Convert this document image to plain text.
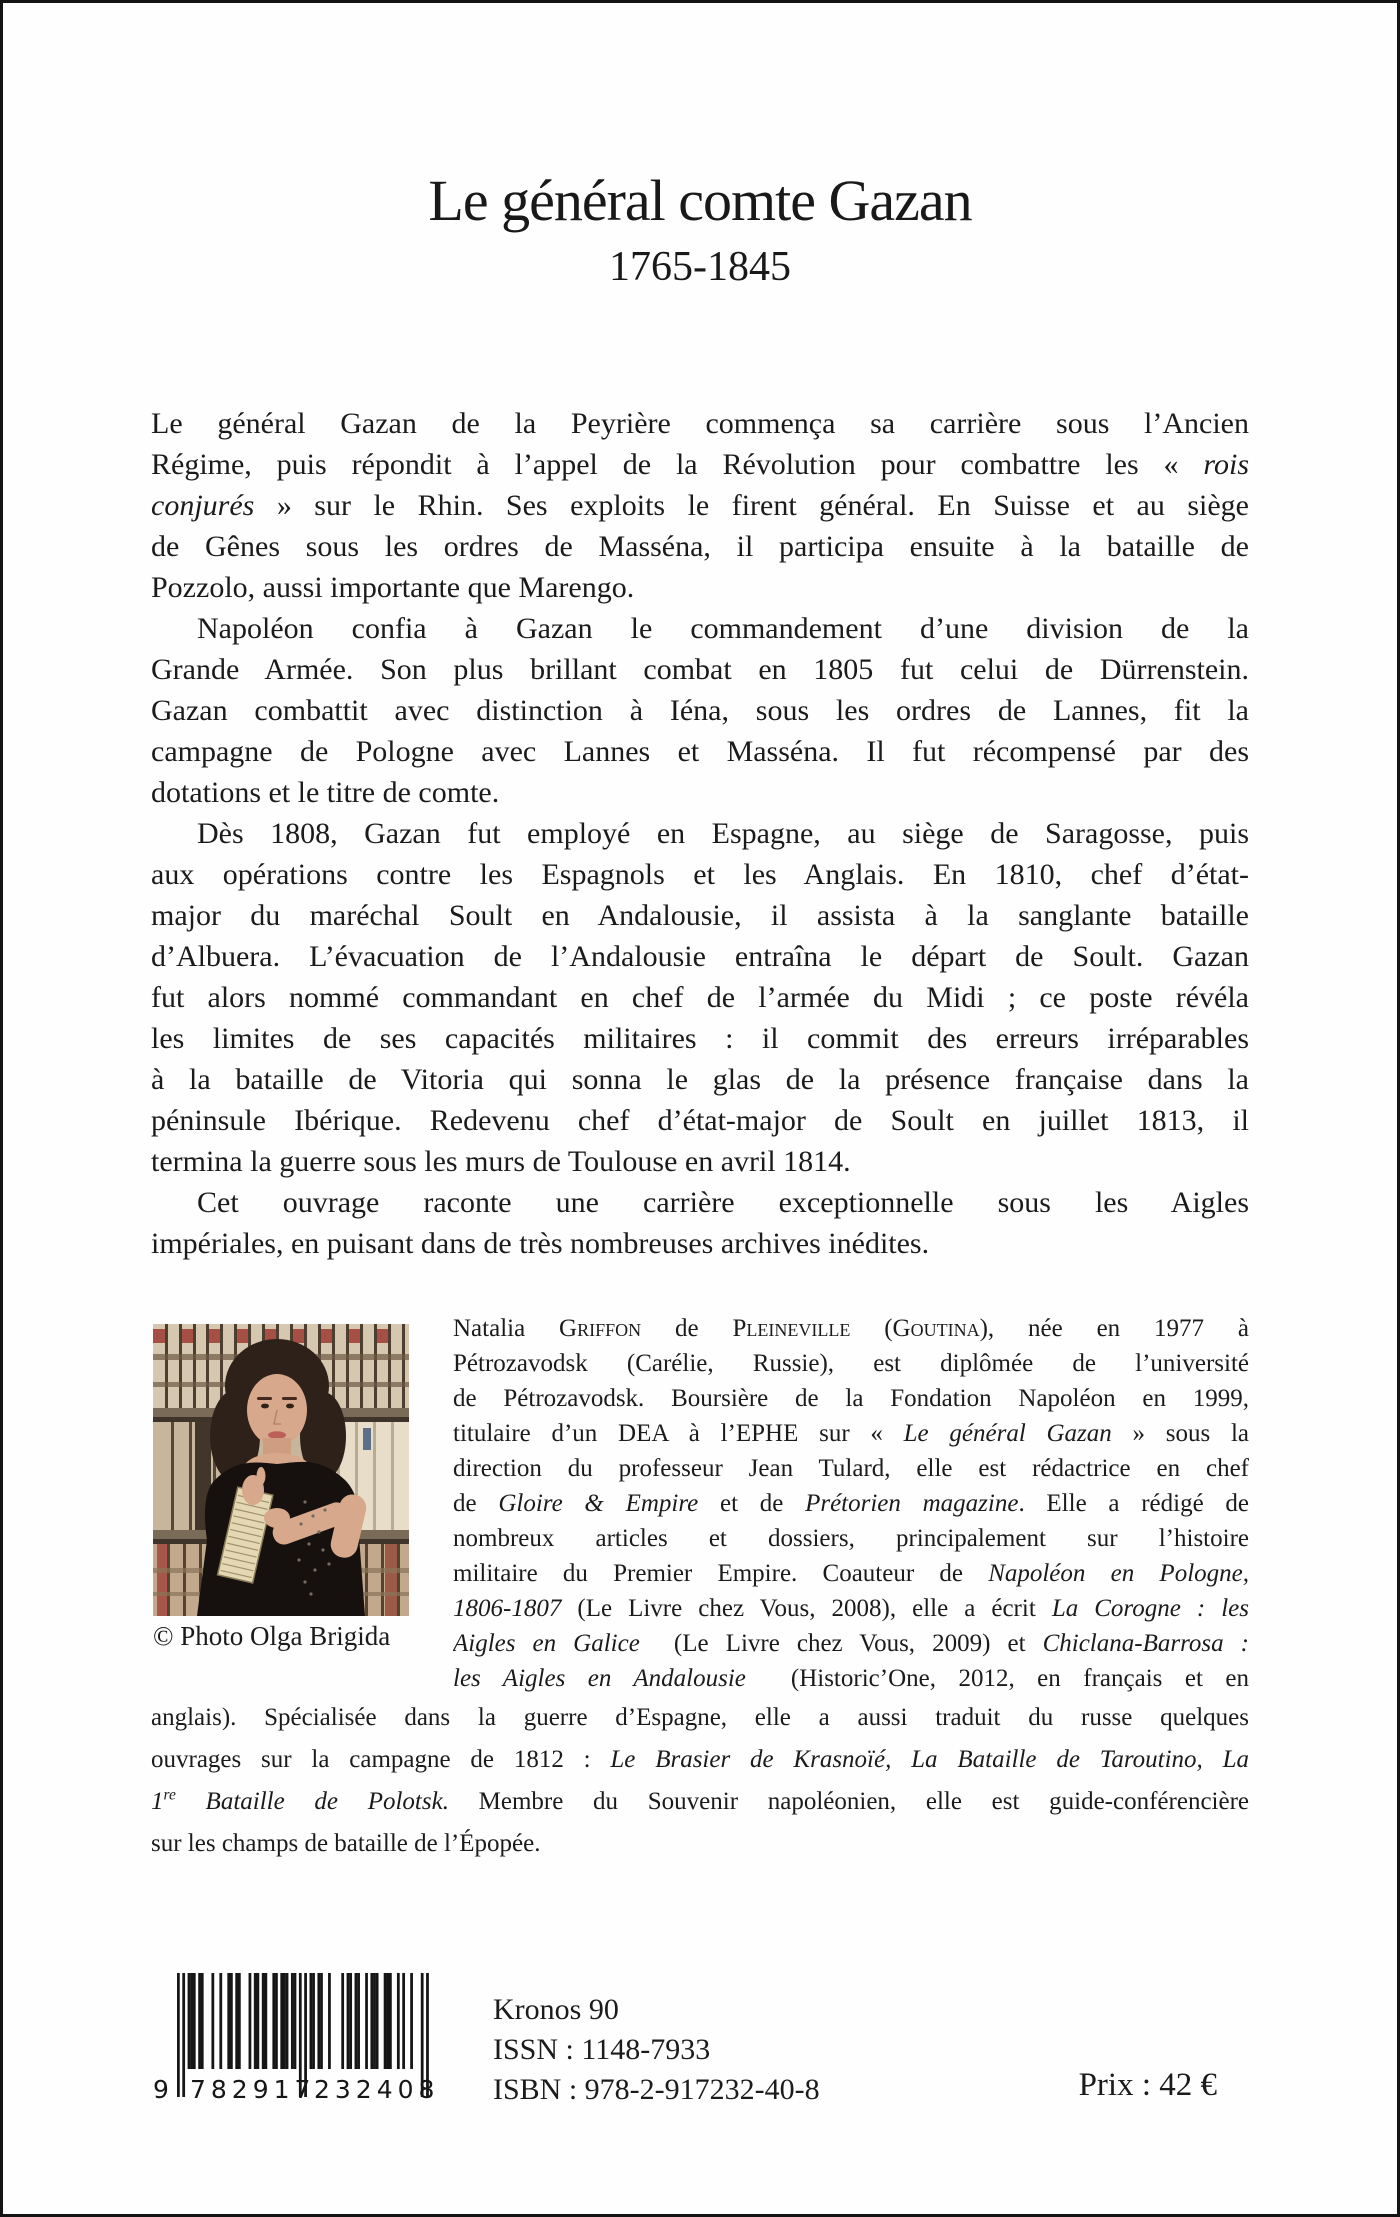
Le général comte Gazan
1765-1845
Le général Gazan de la Peyrière commença sa carrière sous l’Ancien
Régime, puis répondit à l’appel de la Révolution pour combattre les « rois
conjurés » sur le Rhin. Ses exploits le firent général. En Suisse et au siège
de Gênes sous les ordres de Masséna, il participa ensuite à la bataille de
Pozzolo, aussi importante que Marengo.
Napoléon confia à Gazan le commandement d’une division de la
Grande Armée. Son plus brillant combat en 1805 fut celui de Dürrenstein.
Gazan combattit avec distinction à Iéna, sous les ordres de Lannes, fit la
campagne de Pologne avec Lannes et Masséna. Il fut récompensé par des
dotations et le titre de comte.
Dès 1808, Gazan fut employé en Espagne, au siège de Saragosse, puis
aux opérations contre les Espagnols et les Anglais. En 1810, chef d’état-
major du maréchal Soult en Andalousie, il assista à la sanglante bataille
d’Albuera. L’évacuation de l’Andalousie entraîna le départ de Soult. Gazan
fut alors nommé commandant en chef de l’armée du Midi ; ce poste révéla
les limites de ses capacités militaires : il commit des erreurs irréparables
à la bataille de Vitoria qui sonna le glas de la présence française dans la
péninsule Ibérique. Redevenu chef d’état-major de Soult en juillet 1813, il
termina la guerre sous les murs de Toulouse en avril 1814.
Cet ouvrage raconte une carrière exceptionnelle sous les Aigles
impériales, en puisant dans de très nombreuses archives inédites.
© Photo Olga Brigida
Natalia Griffon de Pleineville (Goutina), née en 1977 à
Pétrozavodsk (Carélie, Russie), est diplômée de l’université
de Pétrozavodsk. Boursière de la Fondation Napoléon en 1999,
titulaire d’un DEA à l’EPHE sur « Le général Gazan » sous la
direction du professeur Jean Tulard, elle est rédactrice en chef
de Gloire & Empire et de Prétorien magazine. Elle a rédigé de
nombreux articles et dossiers, principalement sur l’histoire
militaire du Premier Empire. Coauteur de Napoléon en Pologne,
1806-1807 (Le Livre chez Vous, 2008), elle a écrit La Corogne : les
Aigles en Galice  (Le Livre chez Vous, 2009) et Chiclana-Barrosa :
les Aigles en Andalousie  (Historic’One, 2012, en français et en
anglais). Spécialisée dans la guerre d’Espagne, elle a aussi traduit du russe quelques
ouvrages sur la campagne de 1812 : Le Brasier de Krasnoïé, La Bataille de Taroutino, La
1re Bataille de Polotsk. Membre du Souvenir napoléonien, elle est guide-conférencière
sur les champs de bataille de l’Épopée.
9 782917
232408
Kronos 90
ISSN : 1148-7933
ISBN : 978-2-917232-40-8	Prix : 42 €
